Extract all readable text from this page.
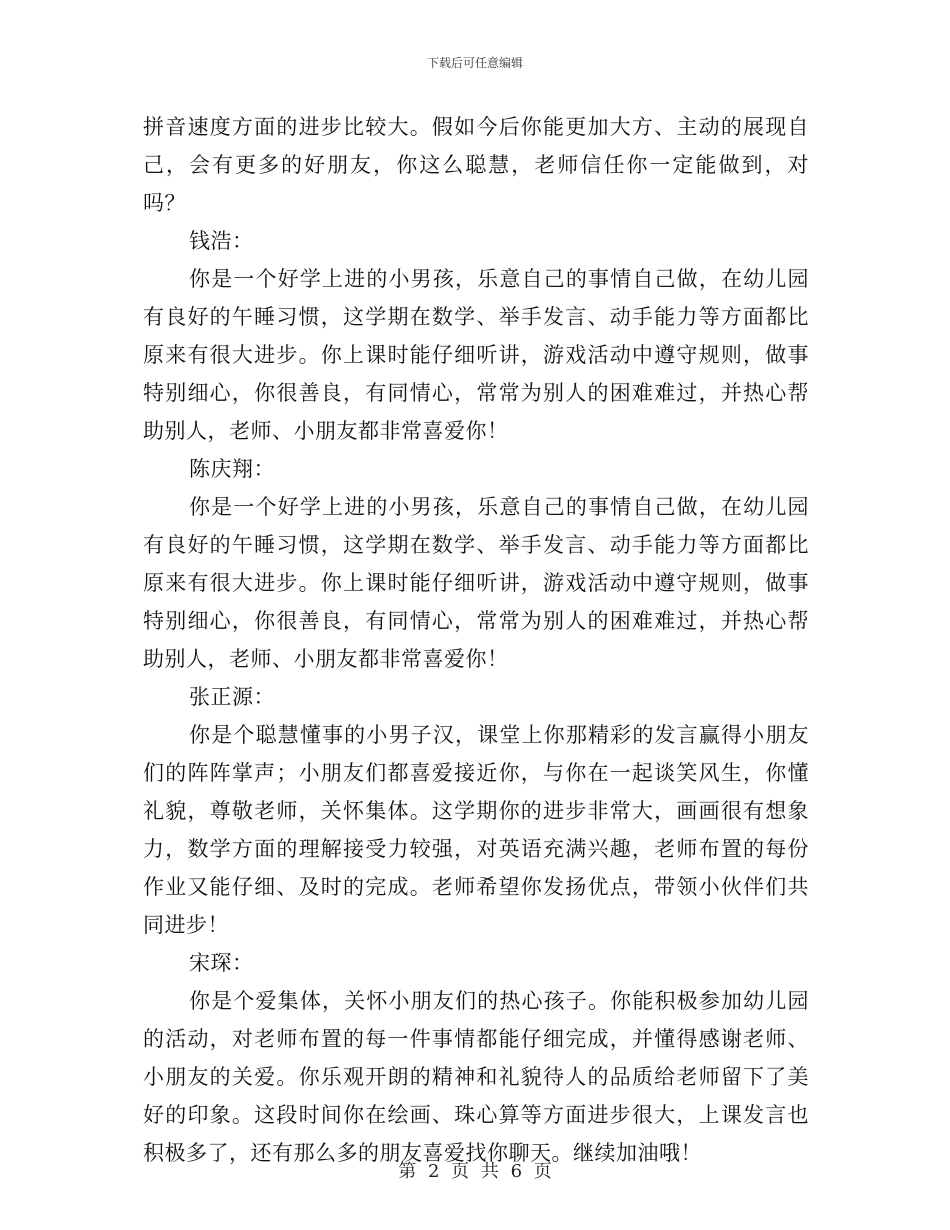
下载后可任意编辑

拼音速度方面的进步比较大。假如今后你能更加大方、主动的展现自己，会有更多的好朋友，你这么聪慧，老师信任你一定能做到，对吗？

钱浩：

你是一个好学上进的小男孩，乐意自己的事情自己做，在幼儿园有良好的午睡习惯，这学期在数学、举手发言、动手能力等方面都比原来有很大进步。你上课时能仔细听讲，游戏活动中遵守规则，做事特别细心，你很善良，有同情心，常常为别人的困难难过，并热心帮助别人，老师、小朋友都非常喜爱你！

陈庆翔：

你是一个好学上进的小男孩，乐意自己的事情自己做，在幼儿园有良好的午睡习惯，这学期在数学、举手发言、动手能力等方面都比原来有很大进步。你上课时能仔细听讲，游戏活动中遵守规则，做事特别细心，你很善良，有同情心，常常为别人的困难难过，并热心帮助别人，老师、小朋友都非常喜爱你！

张正源：

你是个聪慧懂事的小男子汉，课堂上你那精彩的发言赢得小朋友们的阵阵掌声；小朋友们都喜爱接近你，与你在一起谈笑风生，你懂礼貌，尊敬老师，关怀集体。这学期你的进步非常大，画画很有想象力，数学方面的理解接受力较强，对英语充满兴趣，老师布置的每份作业又能仔细、及时的完成。老师希望你发扬优点，带领小伙伴们共同进步！

宋琛：

你是个爱集体，关怀小朋友们的热心孩子。你能积极参加幼儿园的活动，对老师布置的每一件事情都能仔细完成，并懂得感谢老师、小朋友的关爱。你乐观开朗的精神和礼貌待人的品质给老师留下了美好的印象。这段时间你在绘画、珠心算等方面进步很大，上课发言也积极多了，还有那么多的朋友喜爱找你聊天。继续加油哦！

第 2 页 共 6 页
